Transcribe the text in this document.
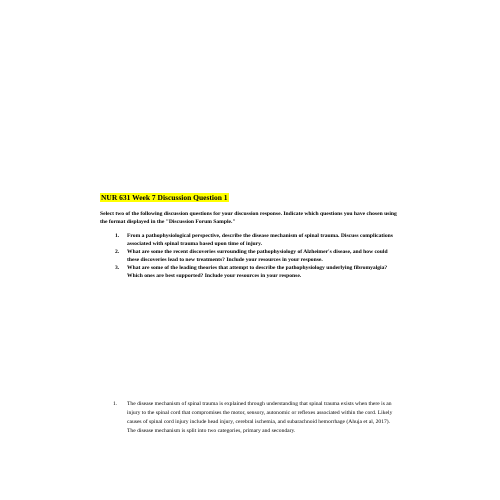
NUR 631 Week 7 Discussion Question 1
Select two of the following discussion questions for your discussion response. Indicate which questions you have chosen using the format displayed in the "Discussion Forum Sample."
1. From a pathophysiological perspective, describe the disease mechanism of spinal trauma. Discuss complications associated with spinal trauma based upon time of injury.
2. What are some the recent discoveries surrounding the pathophysiology of Alzheimer's disease, and how could these discoveries lead to new treatments? Include your resources in your response.
3. What are some of the leading theories that attempt to describe the pathophysiology underlying fibromyalgia? Which ones are best supported? Include your resources in your response.
1. The disease mechanism of spinal trauma is explained through understanding that spinal trauma exists when there is an injury to the spinal cord that compromises the motor, sensory, autonomic or reflexes associated within the cord. Likely causes of spinal cord injury include head injury, cerebral ischemia, and subarachnoid hemorrhage (Ahuja et al, 2017). The disease mechanism is split into two categories, primary and secondary.
